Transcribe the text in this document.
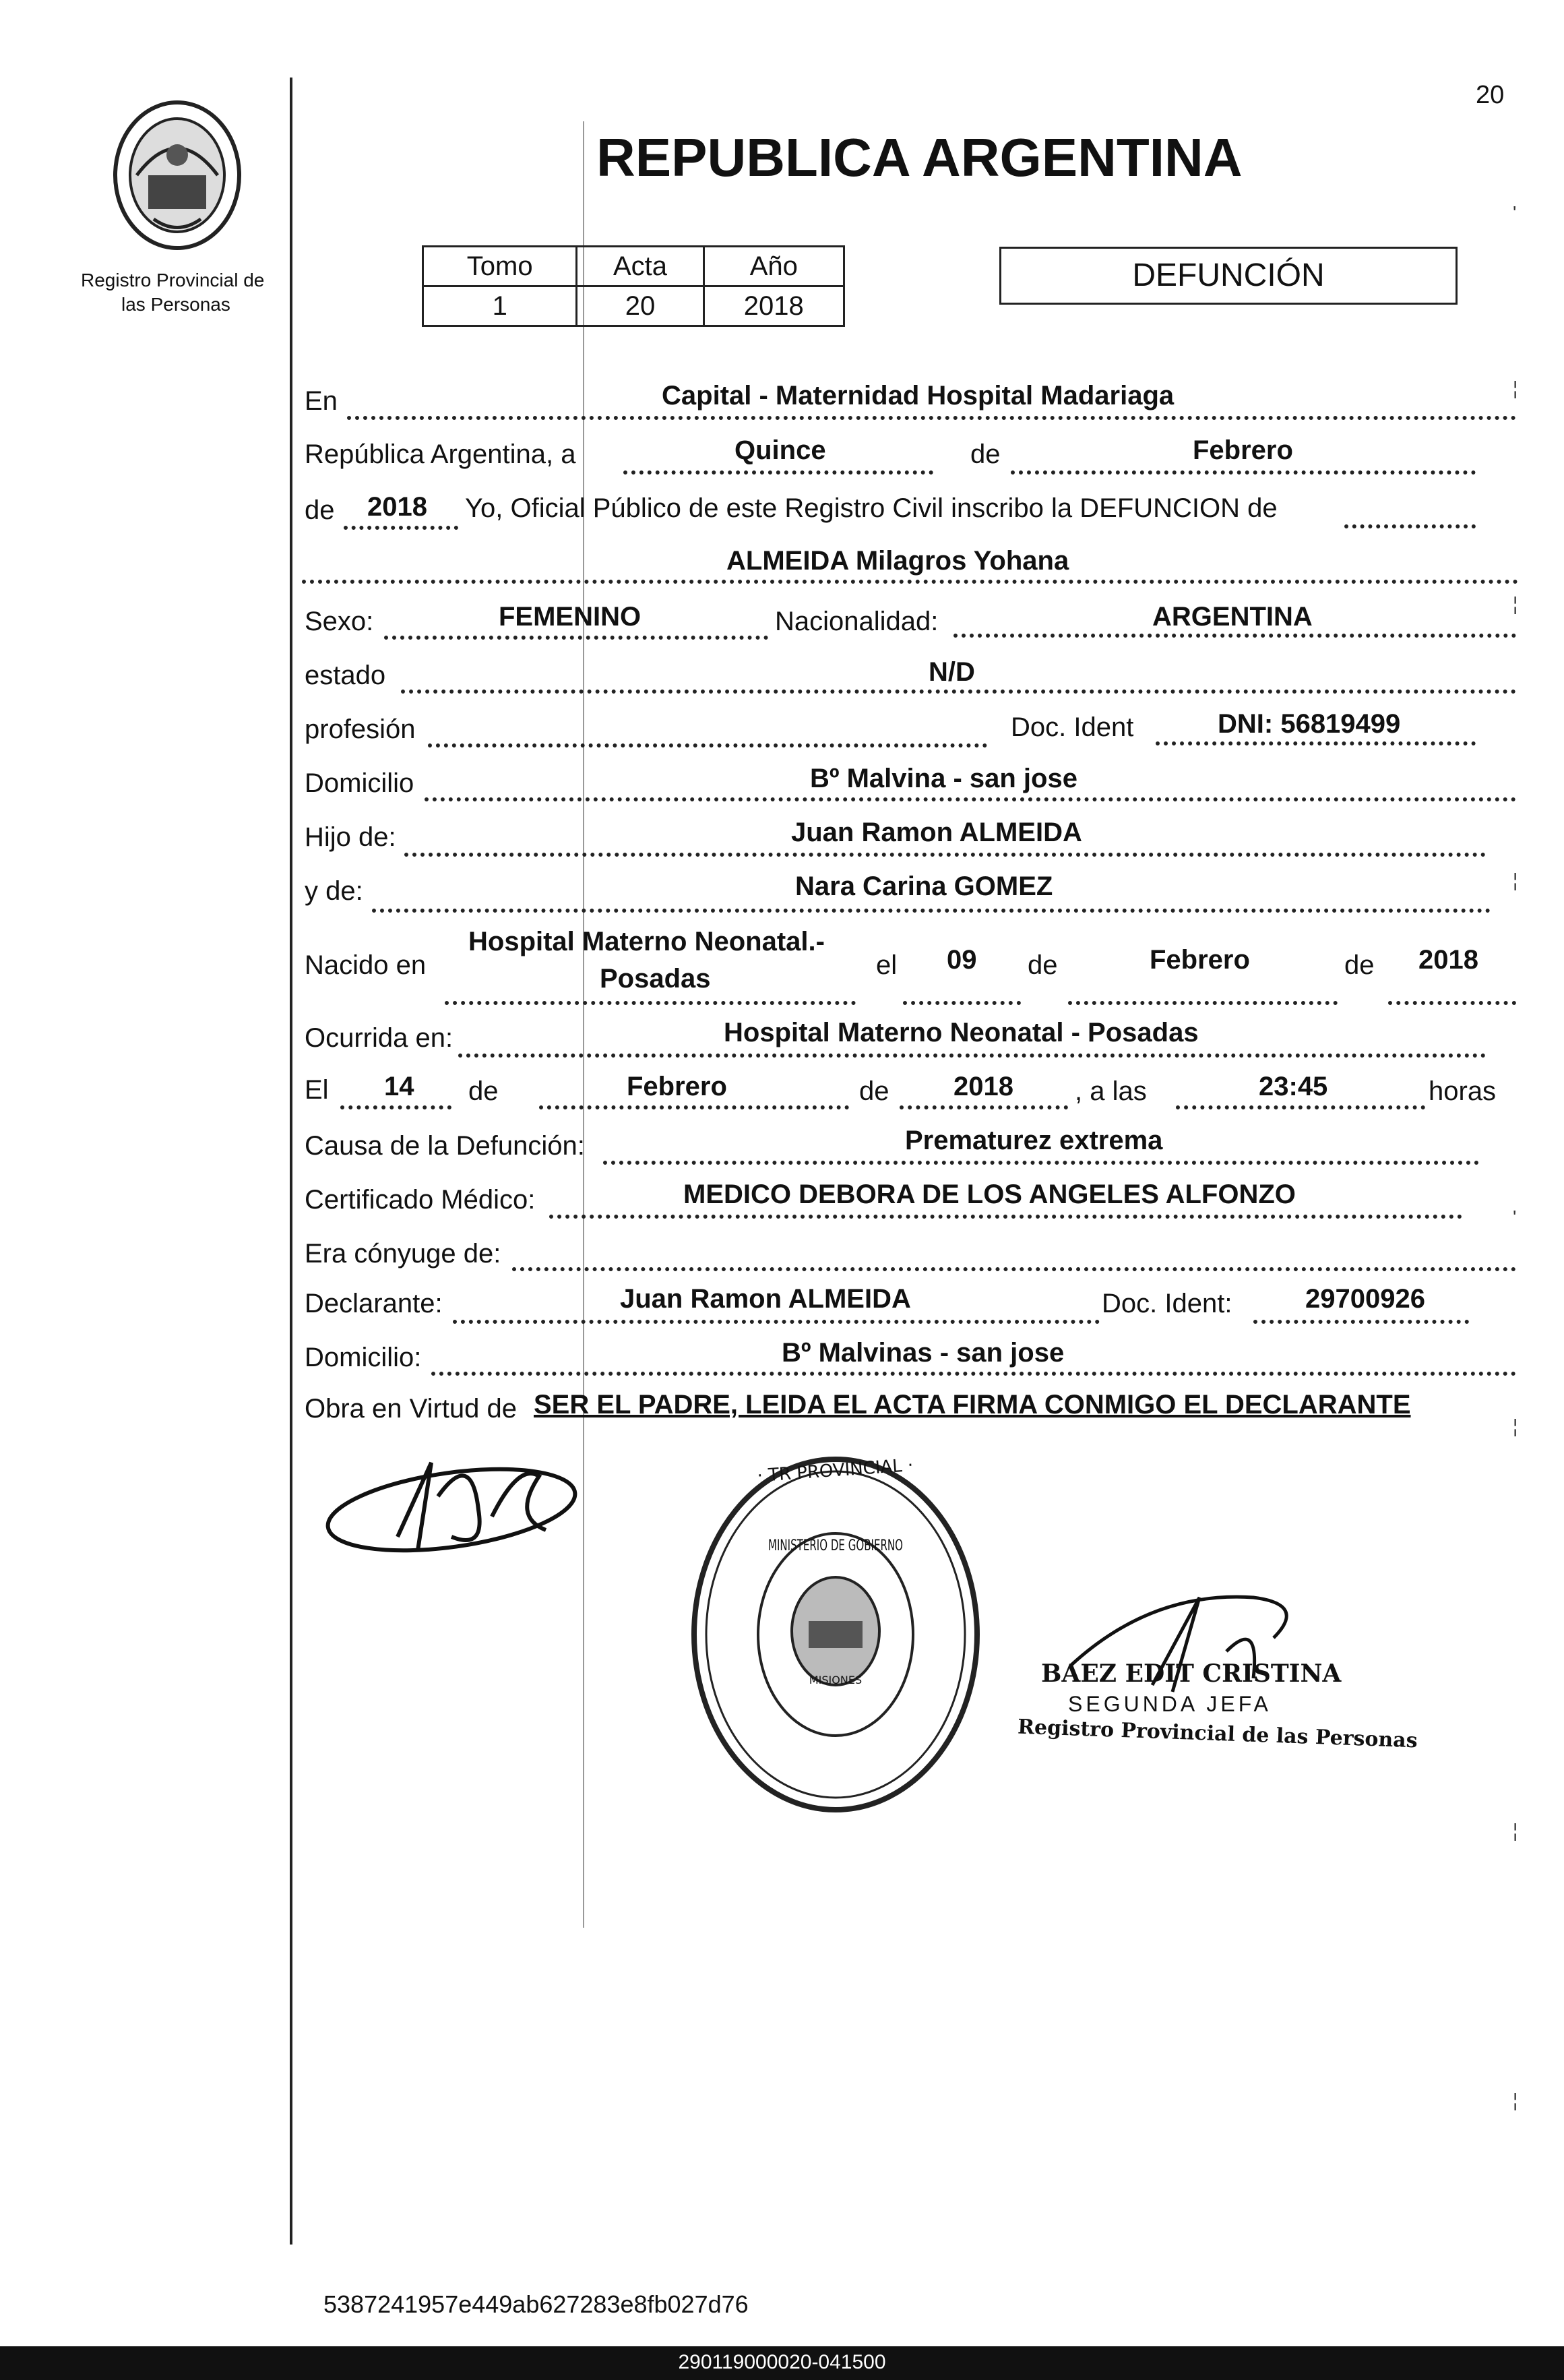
20
Registro Provincial de
las Personas
REPUBLICA ARGENTINA
Tomo	Acta	Año
1	20	2018
DEFUNCIÓN
En	Capital - Maternidad Hospital Madariaga
República Argentina, a	Quince	de	Febrero
de 2018 Yo, Oficial Público de este Registro Civil inscribo la DEFUNCION de
ALMEIDA Milagros Yohana
Sexo:	FEMENINO	Nacionalidad:	ARGENTINA
estado	N/D
profesión	Doc. Ident	DNI: 56819499
Domicilio	Bº Malvina - san jose
Hijo de:	Juan Ramon ALMEIDA
y de:	Nara Carina GOMEZ
Nacido en
Hospital Materno Neonatal.-
Posadas	el 09 de	Febrero	de 2018
Ocurrida en:	Hospital Materno Neonatal - Posadas
El 14 de	Febrero	de 2018 , a las	23:45	horas
Causa de la Defunción:	Prematurez extrema
Certificado Médico:	MEDICO DEBORA DE LOS ANGELES ALFONZO
Era cónyuge de:
Declarante:	Juan Ramon ALMEIDA	Doc. Ident:	29700926
Domicilio:	Bº Malvinas - san jose
Obra en Virtud de SER EL PADRE, LEIDA EL ACTA FIRMA CONMIGO EL DECLARANTE
MISIONES
· TR PROVINCIAL ·
MINISTERIO DE GOBIERNO
BAEZ EDIT CRISTINA
SEGUNDA JEFA
Registro Provincial de las Personas
'
¦
¦
¦
'
¦
¦
¦
5387241957e449ab627283e8fb027d76
290119000020-041500
